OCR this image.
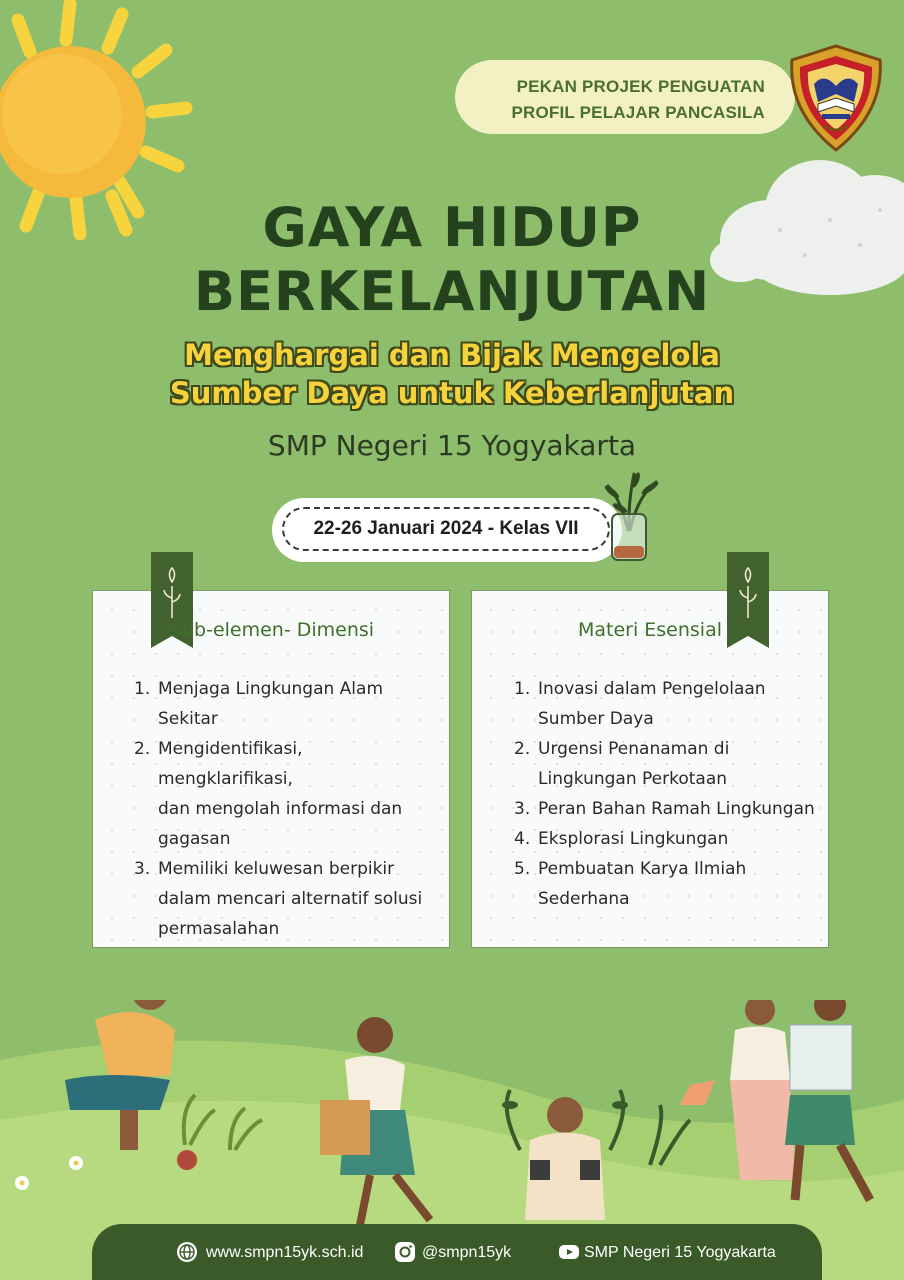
PEKAN PROJEK PENGUATAN
PROFIL PELAJAR PANCASILA
GAYA HIDUP
BERKELANJUTAN
Menghargai dan Bijak Mengelola
Sumber Daya untuk Keberlanjutan
SMP Negeri 15 Yogyakarta
22-26 Januari 2024 - Kelas VII
Sub-elemen- Dimensi	Materi Esensial
1. Menjaga Lingkungan Alam
Sekitar
2. Mengidentifikasi, mengklarifikasi,
dan mengolah informasi dan
gagasan
3. Memiliki keluwesan berpikir
dalam mencari alternatif solusi
permasalahan
1. Inovasi dalam Pengelolaan
Sumber Daya
2. Urgensi Penanaman di
Lingkungan Perkotaan
3. Peran Bahan Ramah Lingkungan
4. Eksplorasi Lingkungan
5. Pembuatan Karya Ilmiah
Sederhana
www.smpn15yk.sch.id	@smpn15yk	SMP Negeri 15 Yogyakarta
